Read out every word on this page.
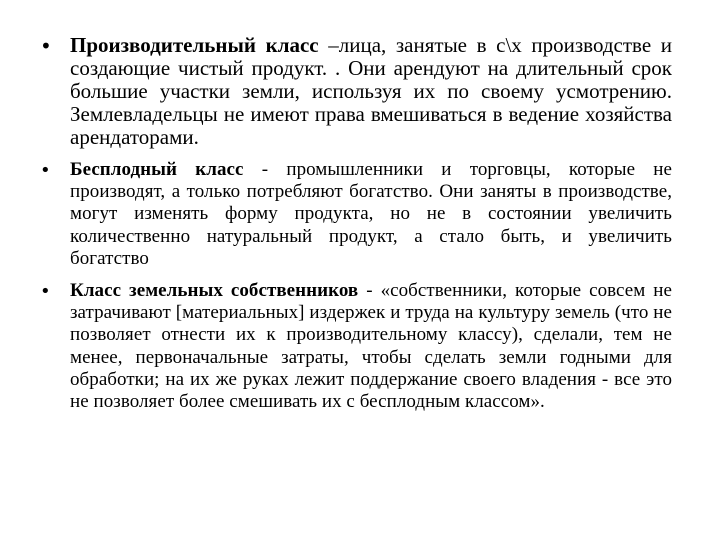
• Производительный класс –лица, занятые в с\х производстве и создающие чистый продукт. . Они арендуют на длительный срок большие участки земли, используя их по своему усмотрению. Землевладельцы не имеют права вмешиваться в ведение хозяйства арендаторами.
• Бесплодный класс - промышленники и торговцы, которые не производят, а только потребляют богатство. Они заняты в производстве, могут изменять форму продукта, но не в состоянии увеличить количественно натуральный продукт, а стало быть, и увеличить богатство
• Класс земельных собственников - «собственники, которые совсем не затрачивают [материальных] издержек и труда на культуру земель (что не позволяет отнести их к производительному классу), сделали, тем не менее, первоначальные затраты, чтобы сделать земли годными для обработки; на их же руках лежит поддержание своего владения - все это не позволяет более смешивать их с бесплодным классом».
